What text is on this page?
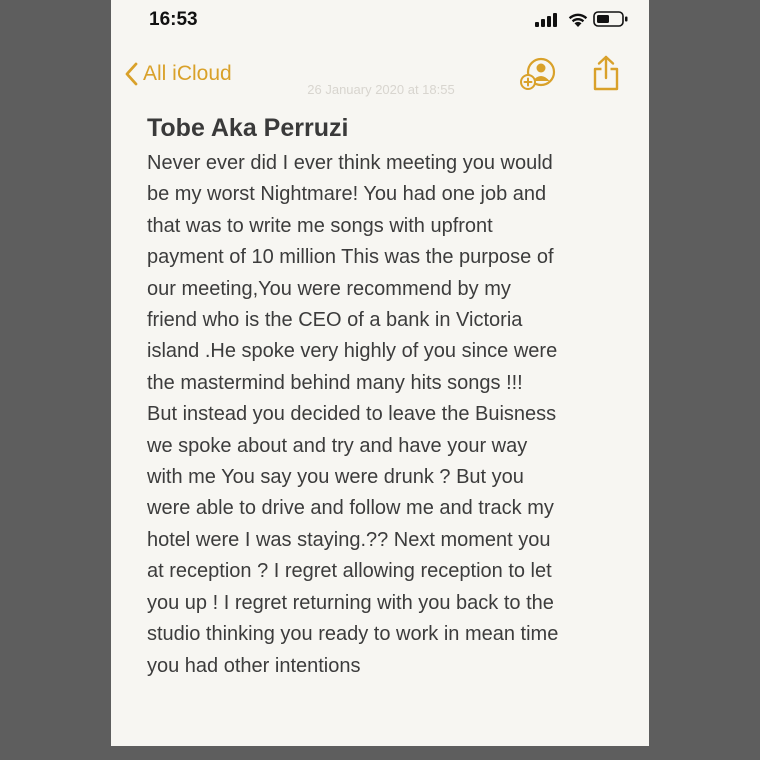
16:53
All iCloud
26 January 2020 at 18:55
Tobe Aka Perruzi
Never ever did I ever think meeting you would
be my worst Nightmare! You had one job and
that was to write me songs with upfront
payment of 10 million This was the purpose of
our meeting,You were recommend by my
friend who is the CEO of a bank in Victoria
island .He spoke very highly of you since were
the mastermind behind many hits songs !!!
But instead you decided to leave the Buisness
we spoke about and try and have your way
with me You say you were drunk ? But you
were able to drive and follow me and track my
hotel were I was staying.?? Next moment you
at reception ? I regret allowing reception to let
you up ! I regret returning with you back to the
studio thinking you ready to work in mean time
you had other intentions
